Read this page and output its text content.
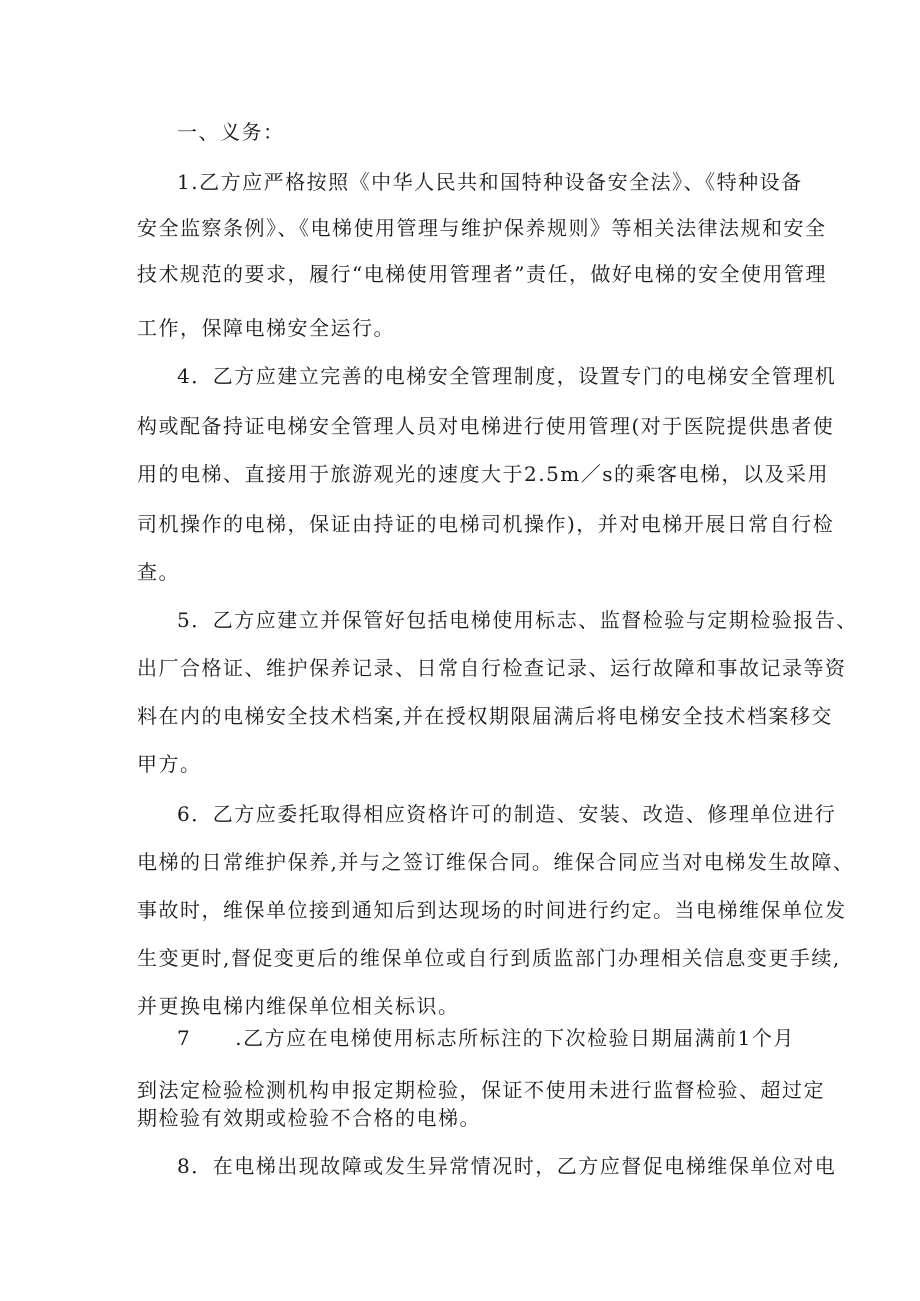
一、义务：
1.乙方应严格按照《中华人民共和国特种设备安全法》、《特种设备
安全监察条例》、《电梯使用管理与维护保养规则》等相关法律法规和安全
技术规范的要求，履行“电梯使用管理者”责任，做好电梯的安全使用管理
工作，保障电梯安全运行。
4．乙方应建立完善的电梯安全管理制度，设置专门的电梯安全管理机
构或配备持证电梯安全管理人员对电梯进行使用管理(对于医院提供患者使
用的电梯、直接用于旅游观光的速度大于2.5m／s的乘客电梯，以及采用
司机操作的电梯，保证由持证的电梯司机操作)，并对电梯开展日常自行检
查。
5．乙方应建立并保管好包括电梯使用标志、监督检验与定期检验报告、
出厂合格证、维护保养记录、日常自行检查记录、运行故障和事故记录等资
料在内的电梯安全技术档案,并在授权期限届满后将电梯安全技术档案移交
甲方。
6．乙方应委托取得相应资格许可的制造、安装、改造、修理单位进行
电梯的日常维护保养,并与之签订维保合同。维保合同应当对电梯发生故障、
事故时，维保单位接到通知后到达现场的时间进行约定。当电梯维保单位发
生变更时,督促变更后的维保单位或自行到质监部门办理相关信息变更手续,
并更换电梯内维保单位相关标识。
7 .乙方应在电梯使用标志所标注的下次检验日期届满前1个月
到法定检验检测机构申报定期检验，保证不使用未进行监督检验、超过定
期检验有效期或检验不合格的电梯。
8．在电梯出现故障或发生异常情况时，乙方应督促电梯维保单位对电
